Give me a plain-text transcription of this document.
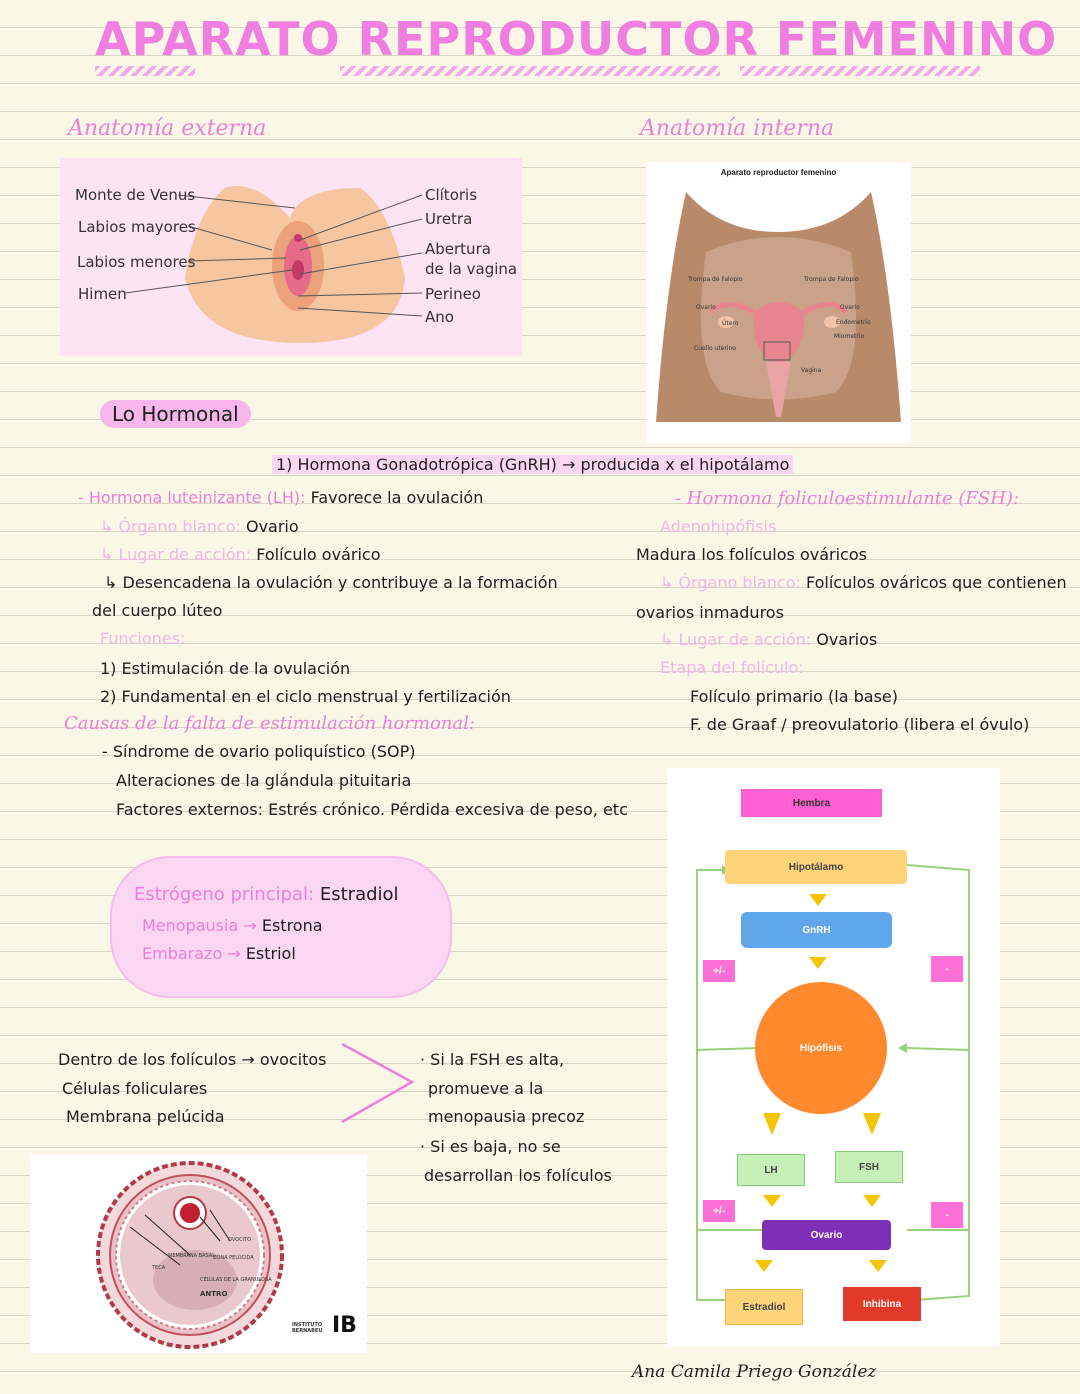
APARATO REPRODUCTOR FEMENINO
Anatomía externa
Monte de Venus
Labios mayores
Labios menores
Himen
Clítoris
Uretra
Abertura
de la vagina
Perineo
Ano
Anatomía interna
Aparato reproductor femenino
Trompa de Falopio	Trompa de Falopio
Ovario	Ovario
Útero	Endometrio
Miometrio
Cuello uterino
Vagina
Lo Hormonal
1) Hormona Gonadotrópica (GnRH) → producida x el hipotálamo
- Hormona luteinizante (LH): Favorece la ovulación
↳ Órgano blanco: Ovario
↳ Lugar de acción: Folículo ovárico
↳ Desencadena la ovulación y contribuye a la formación
del cuerpo lúteo
Funciones:
1) Estimulación de la ovulación
2) Fundamental en el ciclo menstrual y fertilización
Causas de la falta de estimulación hormonal:
- Síndrome de ovario poliquístico (SOP)
Alteraciones de la glándula pituitaria
Factores externos: Estrés crónico. Pérdida excesiva de peso, etc
- Hormona foliculoestimulante (FSH):
Adenohipófisis
Madura los folículos ováricos
↳ Órgano blanco: Folículos ováricos que contienen
ovarios inmaduros
↳ Lugar de acción: Ovarios
Etapa del folículo:
Folículo primario (la base)
F. de Graaf / preovulatorio (libera el óvulo)
Estrógeno principal: Estradiol
Menopausia → Estrona
Embarazo → Estriol
Dentro de los folículos → ovocitos
Células foliculares
Membrana pelúcida
· Si la FSH es alta,
promueve a la
menopausia precoz
· Si es baja, no se
desarrollan los folículos
OVOCITO
MEMBRANA BASAL
ZONA PELÚCIDA
TECA
CÉLULAS DE LA GRANULOSA
ANTRO
INSTITUTO BERNABEU IB
Hembra
Hipotálamo
GnRH
Hipófisis
LH	FSH
Ovario
Estradiol	Inhibina
+/-
+/-
-
-
Ana Camila Priego González
